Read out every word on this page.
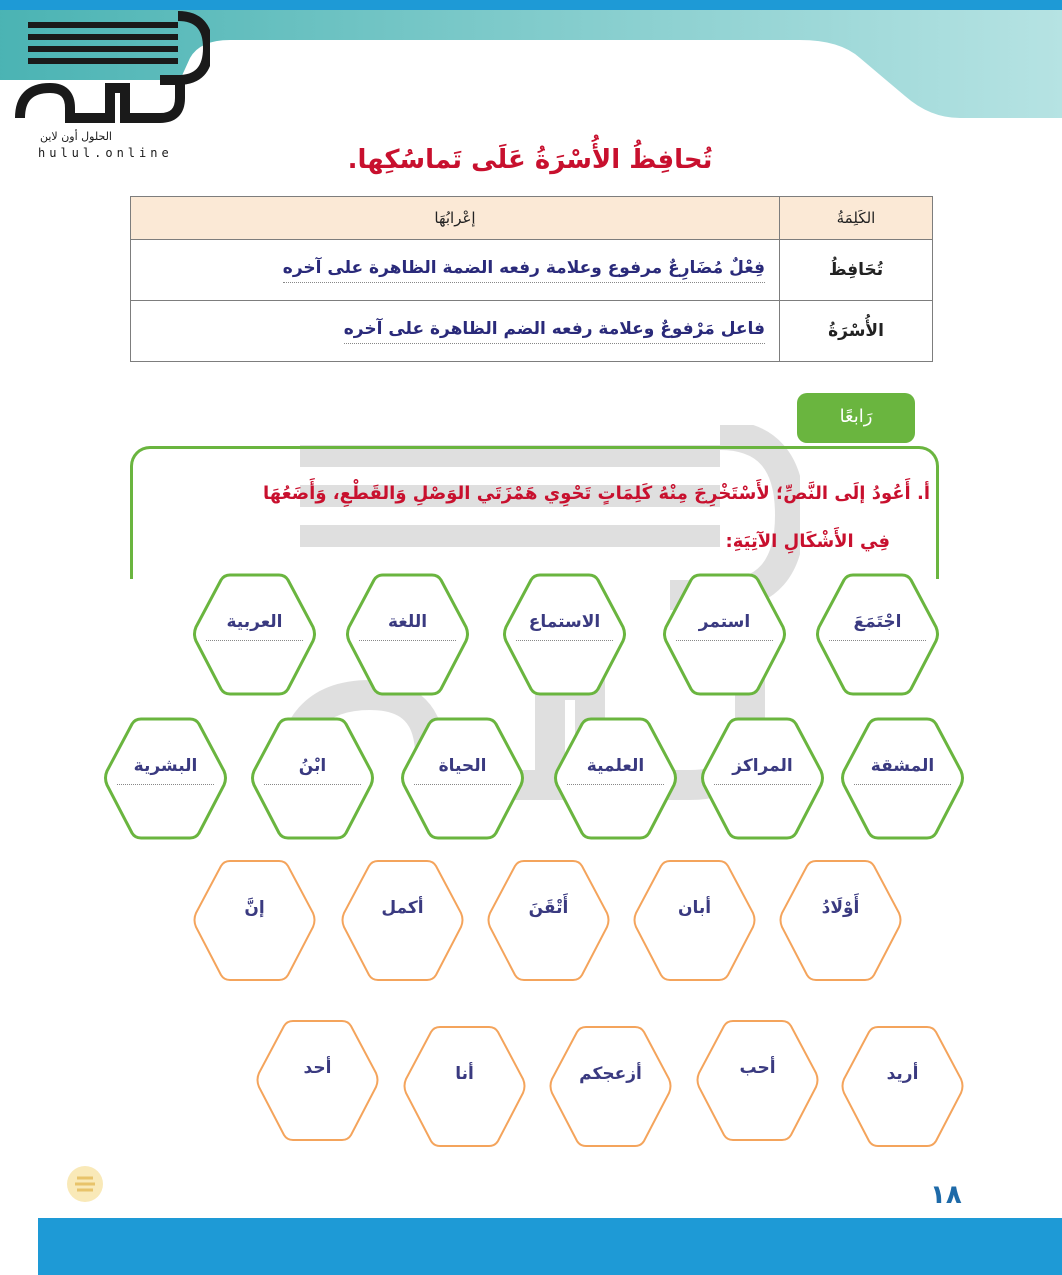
الحلول أون لاين
hulul.online	تُحافِظُ الأُسْرَةُ عَلَى تَماسُكِها.
الكَلِمَةُ	إعْرابُهَا
تُحَافِظُ	فِعْلٌ مُضَارِعٌ مرفوع وعلامة رفعه الضمة الظاهرة على آخره
الأُسْرَةُ	فاعل مَرْفوعٌ وعلامة رفعه الضم الظاهرة على آخره
رَابعًا
أ. أَعُودُ إلَى النَّصِّ؛ لأَسْتَخْرِجَ مِنْهُ كَلِمَاتٍ تَحْوِي هَمْزَتَي الوَصْلِ وَالقَطْعِ، وَأَضَعُهَا
فِي الأَشْكَالِ الآتِيَةِ:
اجْتَمَعَ
استمر
الاستماع
اللغة
العربية
المشقة
المراكز
العلمية
الحياة
ابْنُ
البشرية
أَوْلَادُ
أبان
أَتْقَنَ
أكمل
إنَّ
أريد
أحب
أزعجكم
أنا
أحد
١٨
